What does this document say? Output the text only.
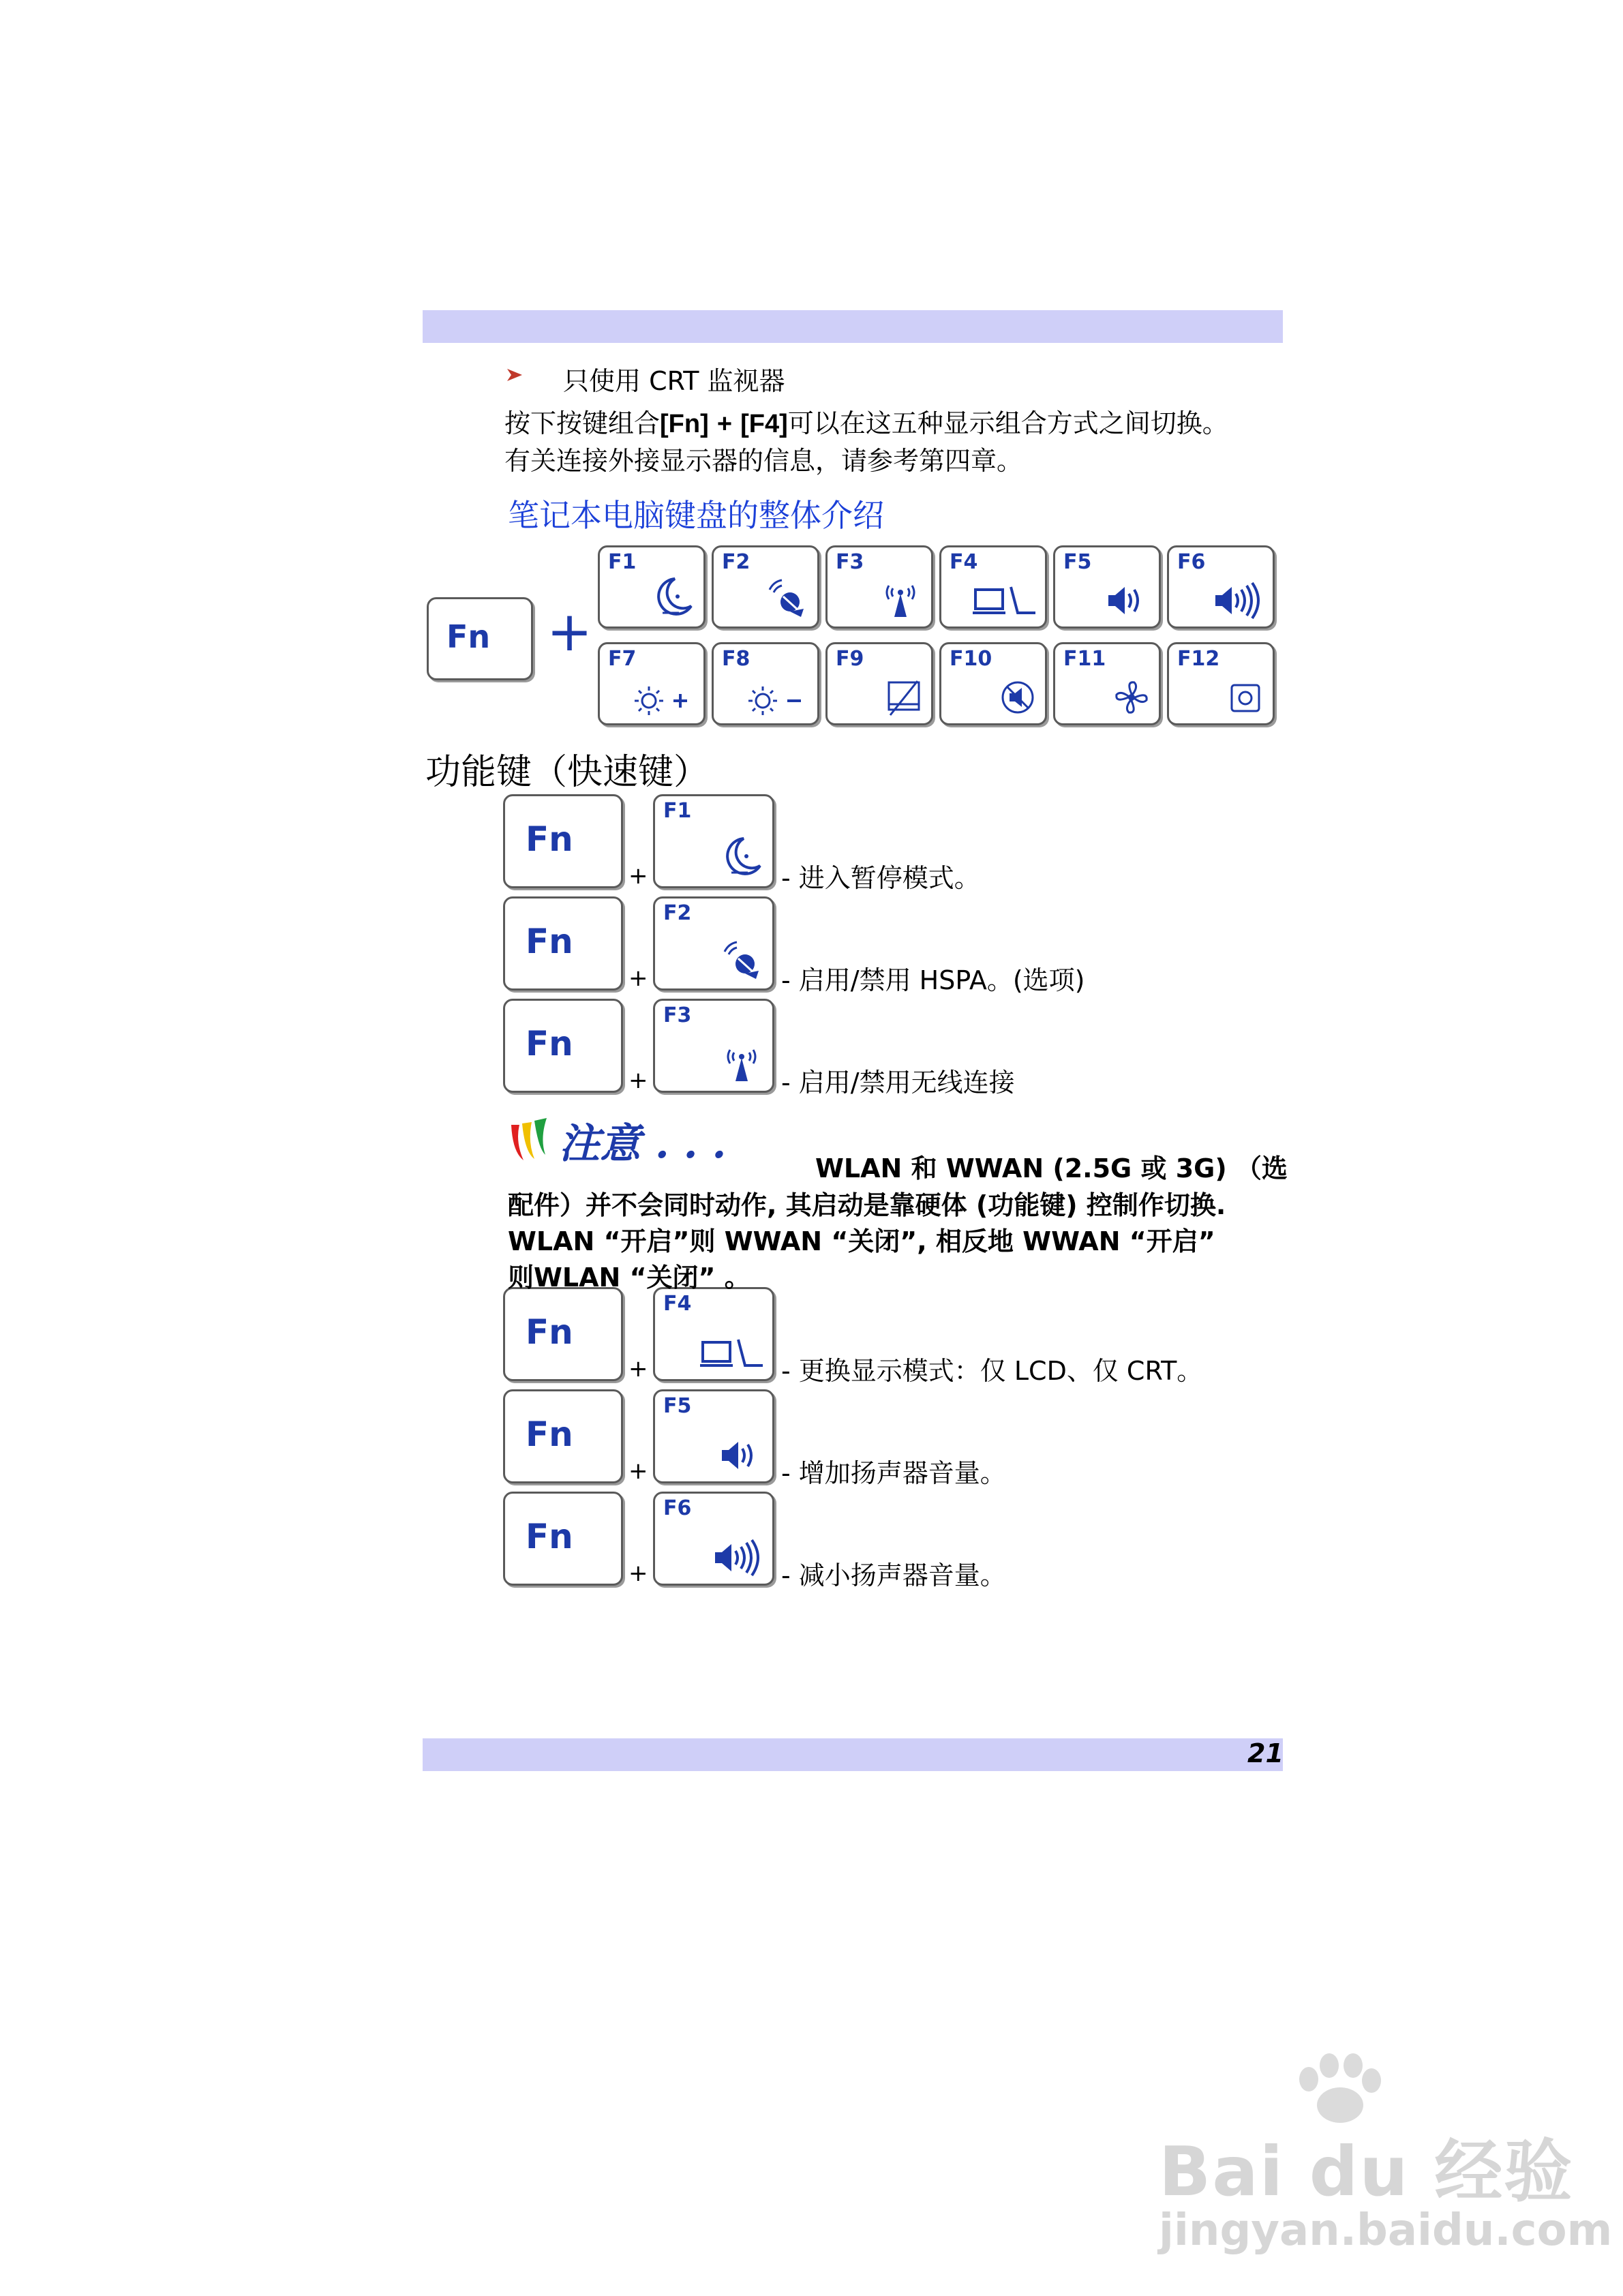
只使用 CRT 监视器
按下按键组合[Fn] + [F4]可以在这五种显示组合方式之间切换。
有关连接外接显示器的信息，请参考第四章。
笔记本电脑键盘的整体介绍
Fn +
F1	F2	F3	F4	F5	F6
F7	F8	F9	F10	F11	F12
功能键（快速键）
Fn
+
F1
- 进入暂停模式。
Fn
+
F2
- 启用/禁用 HSPA。(选项)
Fn
+
F3
- 启用/禁用无线连接
Fn
+
F4
- 更换显示模式：仅 LCD、仅 CRT。
Fn
+
F5
- 增加扬声器音量。
Fn
+
F6
- 减小扬声器音量。
注意 . . .
WLAN 和 WWAN (2.5G 或 3G) （选
配件）并不会同时动作, 其启动是靠硬体 (功能键) 控制作切换.
WLAN “开启”则 WWAN “关闭”, 相反地 WWAN “开启”
则WLAN “关闭” 。
21
Bai du 经验
jingyan.baidu.com
